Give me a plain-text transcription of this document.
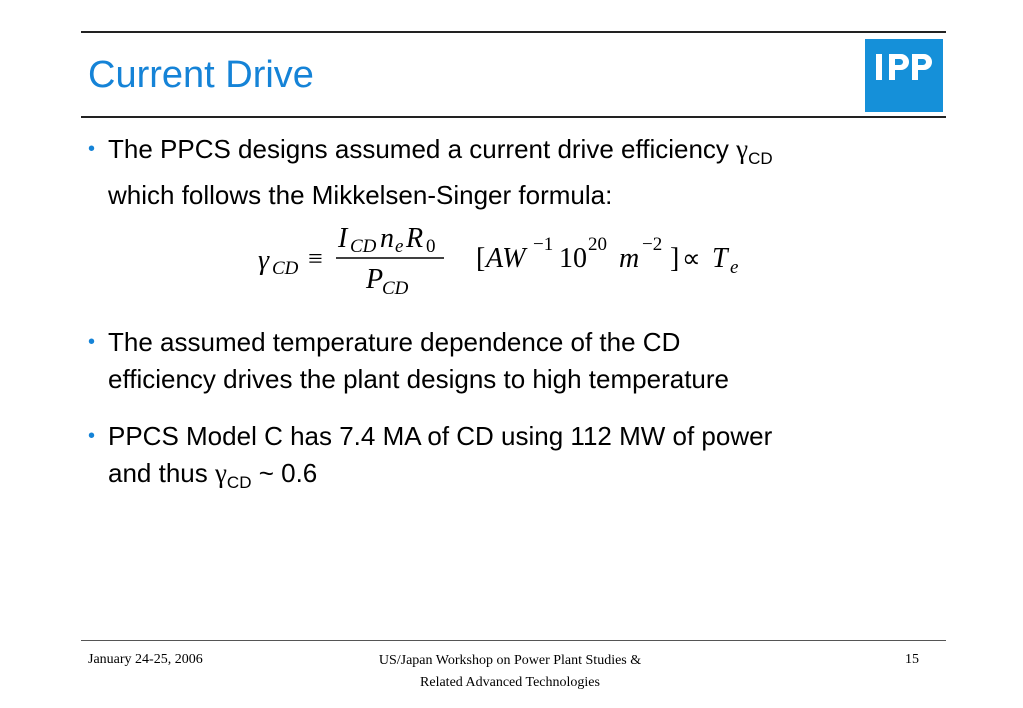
Current Drive
• The PPCS designs assumed a current drive efficiency $\gamma_{CD}$
which follows the Mikkelsen-Singer formula:
γ CD ≡
I CD n e R 0
P
CD
[ AW −1 10 20 m −2 ] ∝ T e
• The assumed temperature dependence of the CD
efficiency drives the plant designs to high temperature
• PPCS Model C has 7.4 MA of CD using 112 MW of power
and thus $\gamma_{CD}$ ~ 0.6
January 24-25, 2006	US/Japan Workshop on Power Plant Studies &
Related Advanced Technologies
15
